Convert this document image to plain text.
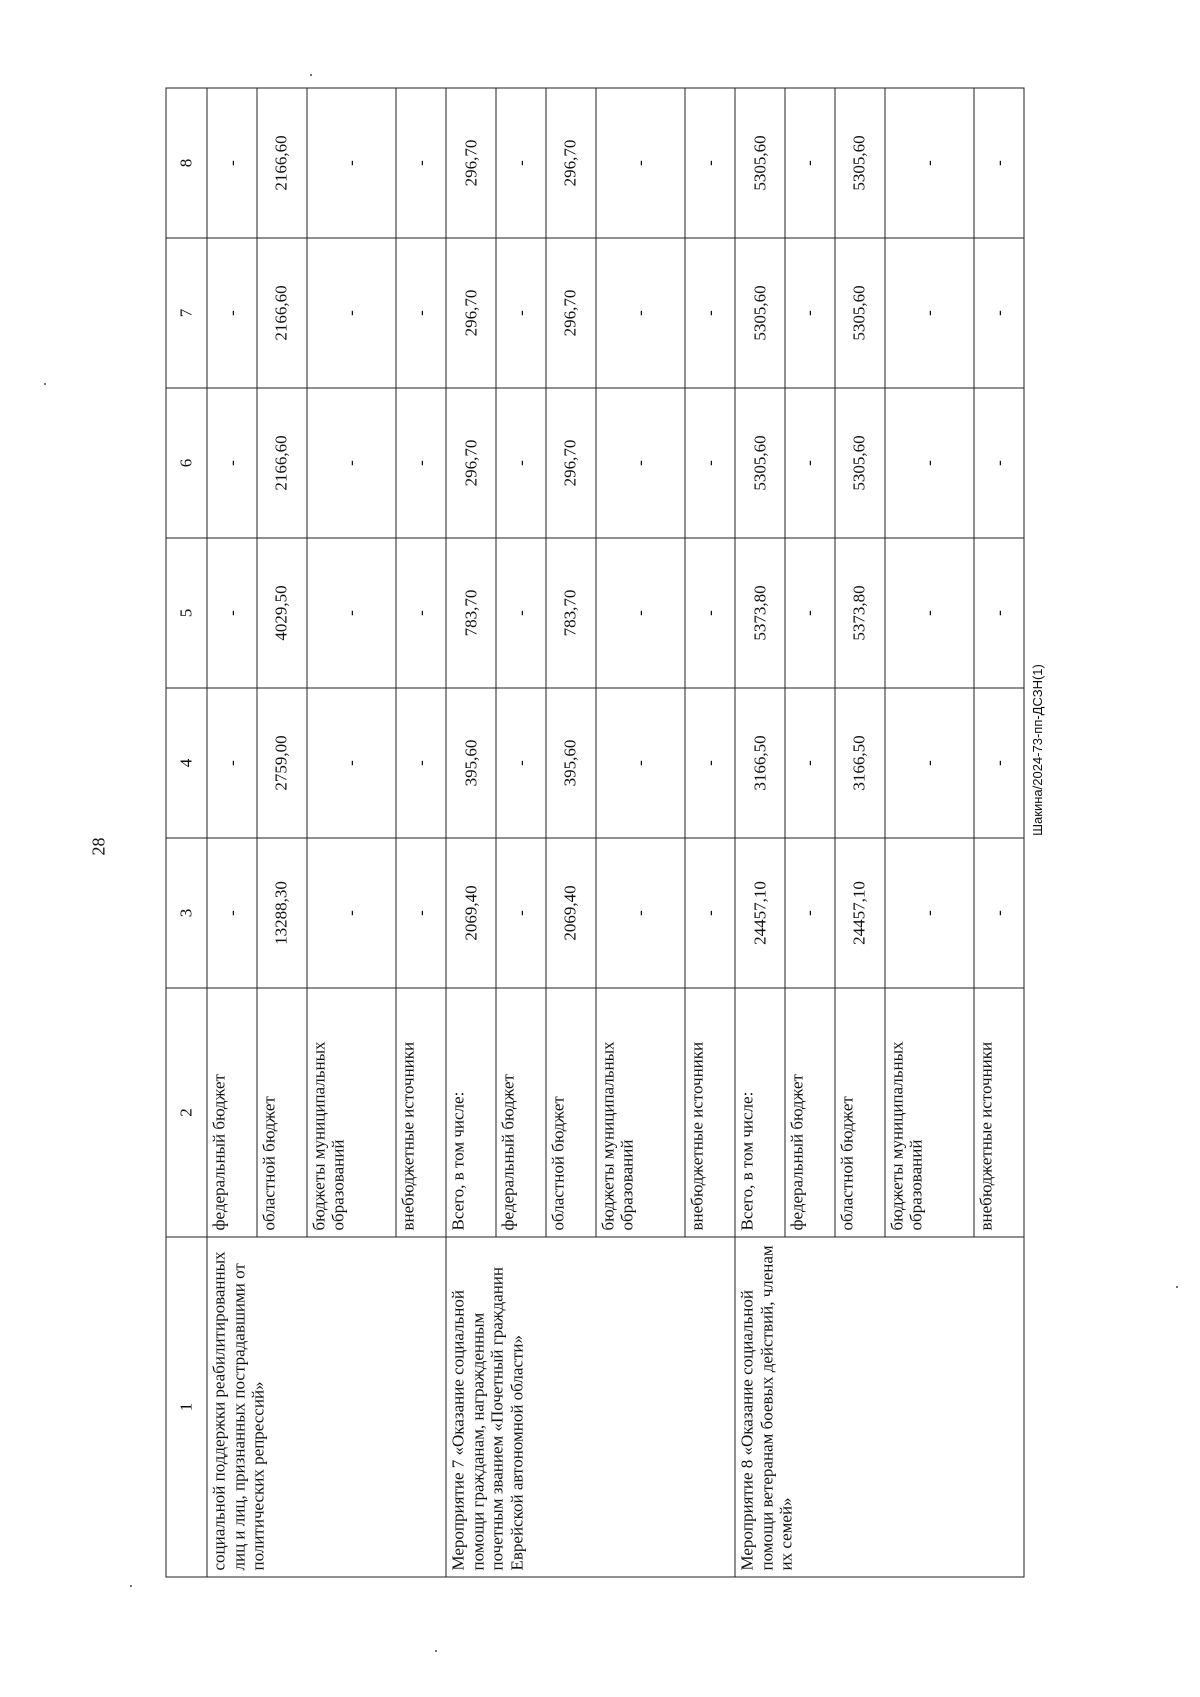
28
1	2	3	4	5	6	7	8
социальной поддержки реабилитированных лиц и лиц, признанных пострадавшими от политических репрессий»	федеральный бюджет	-	-	-	-	-	-
	областной бюджет	13288,30	2759,00	4029,50	2166,60	2166,60	2166,60
	бюджеты муниципальных образований	-	-	-	-	-	-
	внебюджетные источники	-	-	-	-	-	-
Мероприятие 7 «Оказание социальной помощи гражданам, награжденным почетным званием «Почетный гражданин Еврейской автономной области»	Всего, в том числе:	2069,40	395,60	783,70	296,70	296,70	296,70
	федеральный бюджет	-	-	-	-	-	-
	областной бюджет	2069,40	395,60	783,70	296,70	296,70	296,70
	бюджеты муниципальных образований	-	-	-	-	-	-
	внебюджетные источники	-	-	-	-	-	-
Мероприятие 8 «Оказание социальной помощи ветеранам боевых действий, членам их семей»	Всего, в том числе:	24457,10	3166,50	5373,80	5305,60	5305,60	5305,60
	федеральный бюджет	-	-	-	-	-	-
	областной бюджет	24457,10	3166,50	5373,80	5305,60	5305,60	5305,60
	бюджеты муниципальных образований	-	-	-	-	-	-
	внебюджетные источники	-	-	-	-	-	-
Шакина/2024-73-пп-ДСЗН(1)
